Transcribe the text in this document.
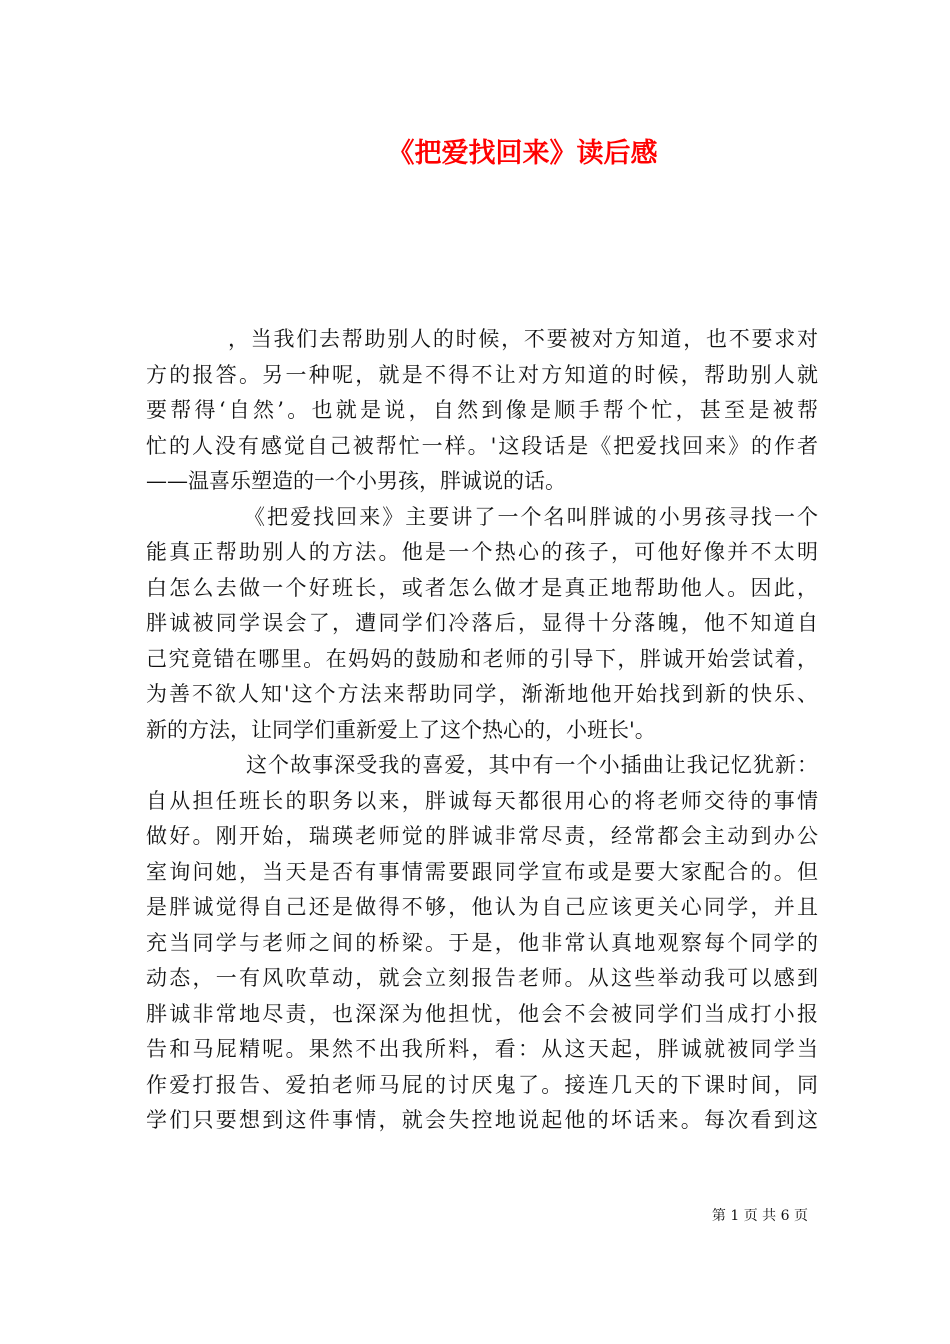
《把爱找回来》读后感
，当我们去帮助别人的时候，不要被对方知道，也不要求对
方的报答。另一种呢，就是不得不让对方知道的时候，帮助别人就
要帮得‘自然’。也就是说，自然到像是顺手帮个忙，甚至是被帮
忙的人没有感觉自己被帮忙一样。'这段话是《把爱找回来》的作者
——温喜乐塑造的一个小男孩，胖诚说的话。
《把爱找回来》主要讲了一个名叫胖诚的小男孩寻找一个
能真正帮助别人的方法。他是一个热心的孩子，可他好像并不太明
白怎么去做一个好班长，或者怎么做才是真正地帮助他人。因此，
胖诚被同学误会了，遭同学们冷落后，显得十分落魄，他不知道自
己究竟错在哪里。在妈妈的鼓励和老师的引导下，胖诚开始尝试着，
为善不欲人知'这个方法来帮助同学，渐渐地他开始找到新的快乐、
新的方法，让同学们重新爱上了这个热心的，小班长'。
这个故事深受我的喜爱，其中有一个小插曲让我记忆犹新：
自从担任班长的职务以来，胖诚每天都很用心的将老师交待的事情
做好。刚开始，瑞瑛老师觉的胖诚非常尽责，经常都会主动到办公
室询问她，当天是否有事情需要跟同学宣布或是要大家配合的。但
是胖诚觉得自己还是做得不够，他认为自己应该更关心同学，并且
充当同学与老师之间的桥梁。于是，他非常认真地观察每个同学的
动态，一有风吹草动，就会立刻报告老师。从这些举动我可以感到
胖诚非常地尽责，也深深为他担忧，他会不会被同学们当成打小报
告和马屁精呢。果然不出我所料，看：从这天起，胖诚就被同学当
作爱打报告、爱拍老师马屁的讨厌鬼了。接连几天的下课时间，同
学们只要想到这件事情，就会失控地说起他的坏话来。每次看到这
第 1 页 共 6 页
